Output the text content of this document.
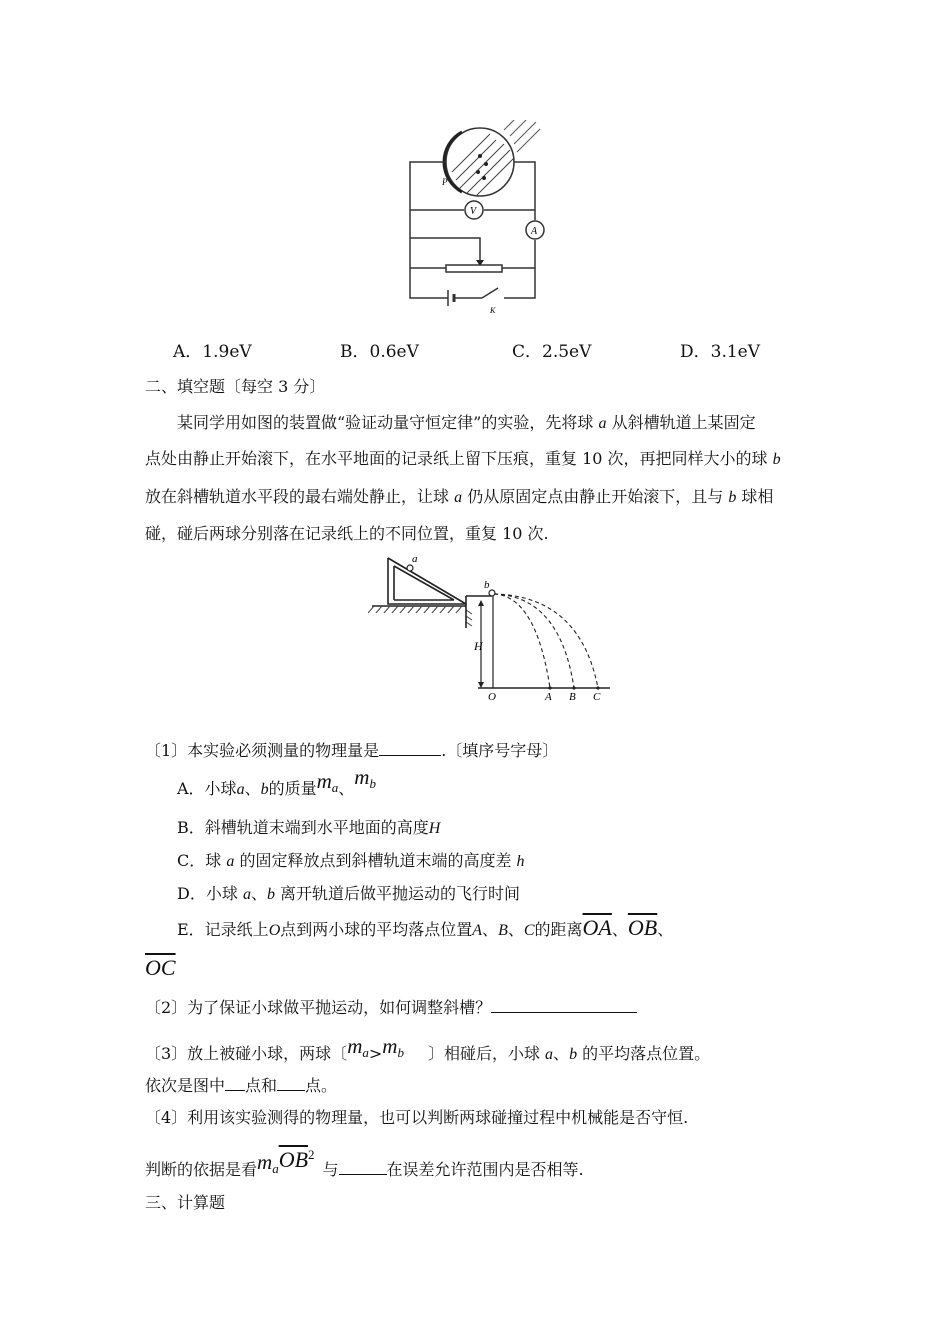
P
V
A
K
A．1.9eV	B．0.6eV	C．2.5eV	D．3.1eV
二、填空题〔每空 3 分〕
某同学用如图的装置做“验证动量守恒定律”的实验，先将球 a 从斜槽轨道上某固定
点处由静止开始滚下，在水平地面的记录纸上留下压痕，重复 10 次，再把同样大小的球 b
放在斜槽轨道水平段的最右端处静止，让球 a 仍从原固定点由静止开始滚下，且与 b 球相
碰，碰后两球分别落在记录纸上的不同位置，重复 10 次.
a
b
H
O	A B C
〔1〕本实验必须测量的物理量是	.〔填序号字母〕
A．小球a、b的质量ma、$m^b$
B．斜槽轨道末端到水平地面的高度H
C．球 a 的固定释放点到斜槽轨道末端的高度差 h
D．小球 a、b 离开轨道后做平抛运动的飞行时间
E．记录纸上O点到两小球的平均落点位置A、B、C的距离$\overline{OA}$、$\overline{OB}$、
$\overline{OC}$
〔2〕为了保证小球做平抛运动，如何调整斜槽？
〔3〕放上被碰小球，两球〔ma>mb 〕相碰后，小球 a、b 的平均落点位置。
依次是图中 点和 点。
〔4〕利用该实验测得的物理量，也可以判断两球碰撞过程中机械能是否守恒.
判断的依据是看$ma\overline{OB}^2$与	在误差允许范围内是否相等.
三、计算题
